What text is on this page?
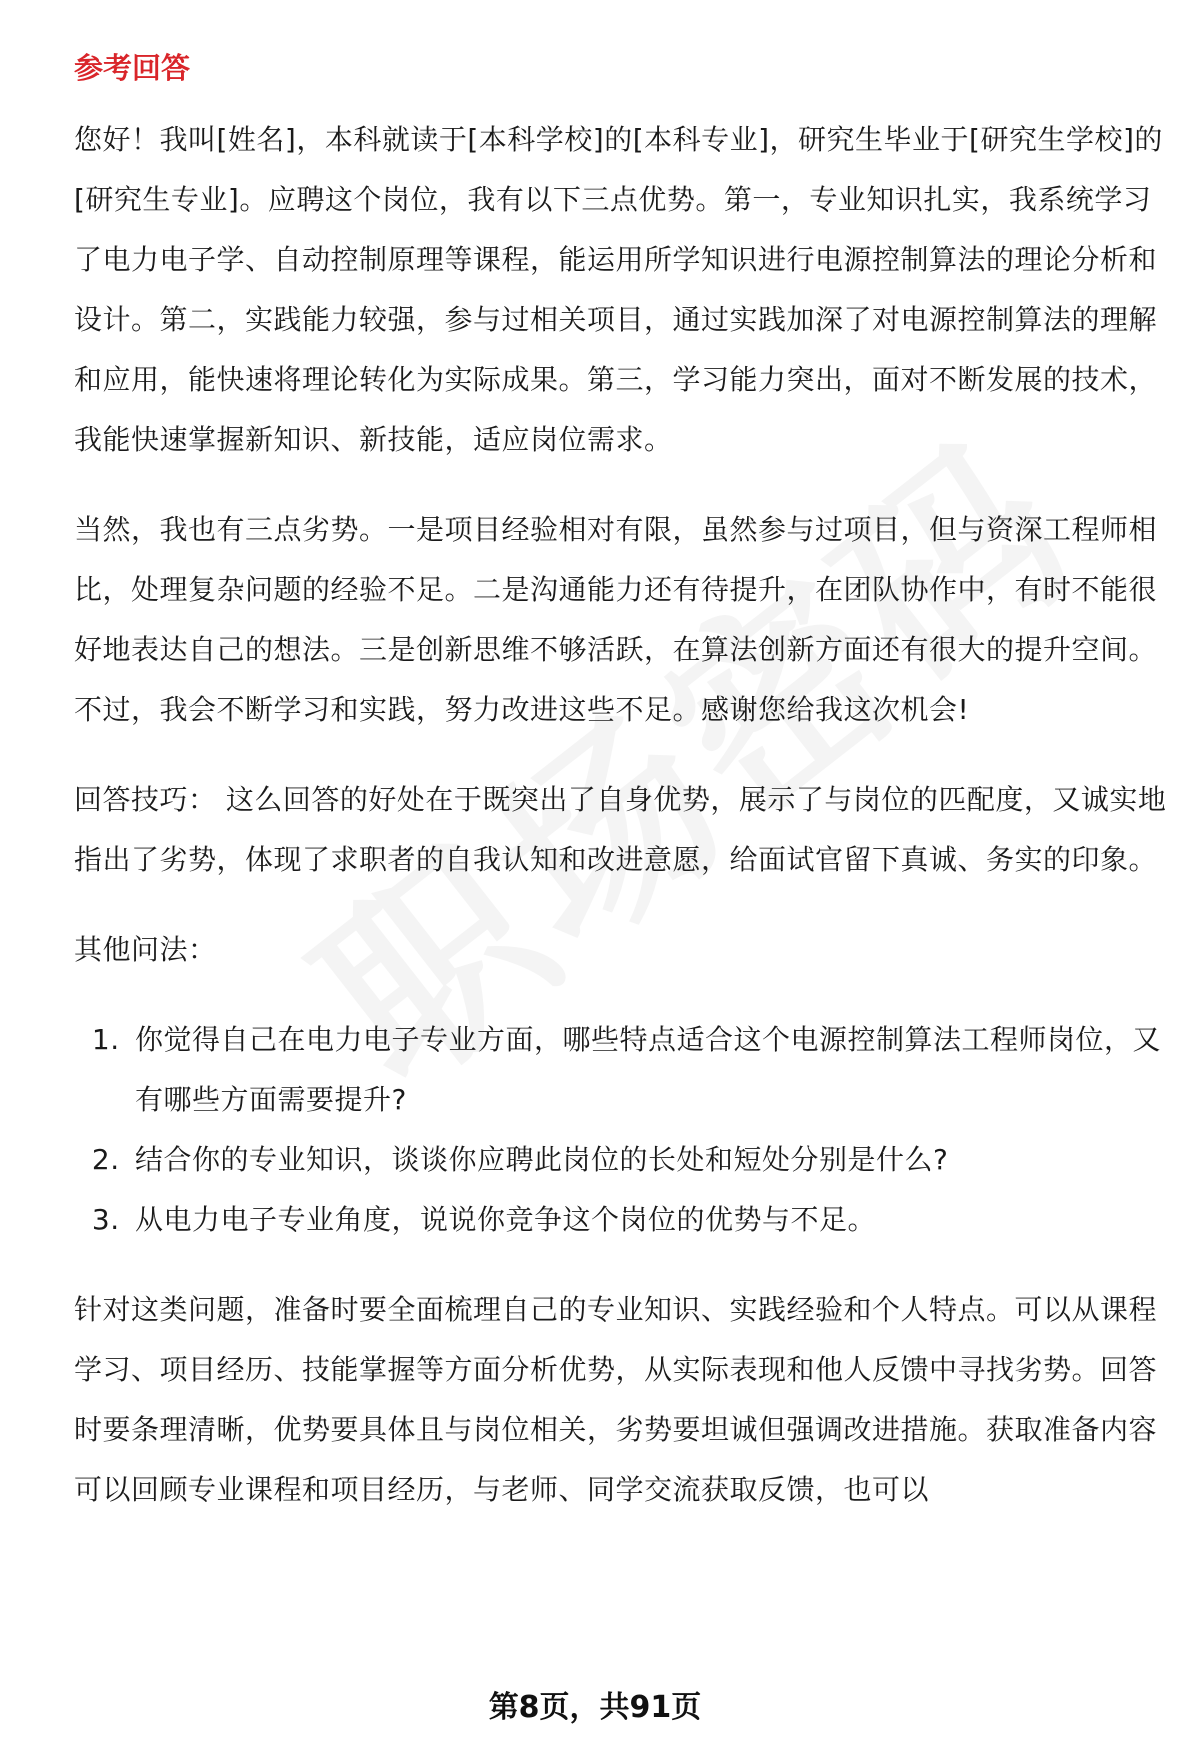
参考回答

您好！我叫[姓名]，本科就读于[本科学校]的[本科专业]，研究生毕业于[研究生学校]的[研究生专业]。应聘这个岗位，我有以下三点优势。第一，专业知识扎实，我系统学习了电力电子学、自动控制原理等课程，能运用所学知识进行电源控制算法的理论分析和设计。第二，实践能力较强，参与过相关项目，通过实践加深了对电源控制算法的理解和应用，能快速将理论转化为实际成果。第三，学习能力突出，面对不断发展的技术，我能快速掌握新知识、新技能，适应岗位需求。

当然，我也有三点劣势。一是项目经验相对有限，虽然参与过项目，但与资深工程师相比，处理复杂问题的经验不足。二是沟通能力还有待提升，在团队协作中，有时不能很好地表达自己的想法。三是创新思维不够活跃，在算法创新方面还有很大的提升空间。不过，我会不断学习和实践，努力改进这些不足。感谢您给我这次机会!

回答技巧： 这么回答的好处在于既突出了自身优势，展示了与岗位的匹配度，又诚实地指出了劣势，体现了求职者的自我认知和改进意愿，给面试官留下真诚、务实的印象。

其他问法：

1. 你觉得自己在电力电子专业方面，哪些特点适合这个电源控制算法工程师岗位，又有哪些方面需要提升?
2. 结合你的专业知识，谈谈你应聘此岗位的长处和短处分别是什么?
3. 从电力电子专业角度，说说你竞争这个岗位的优势与不足。

针对这类问题，准备时要全面梳理自己的专业知识、实践经验和个人特点。可以从课程学习、项目经历、技能掌握等方面分析优势，从实际表现和他人反馈中寻找劣势。回答时要条理清晰，优势要具体且与岗位相关，劣势要坦诚但强调改进措施。获取准备内容可以回顾专业课程和项目经历，与老师、同学交流获取反馈，也可以

第8页，共91页
